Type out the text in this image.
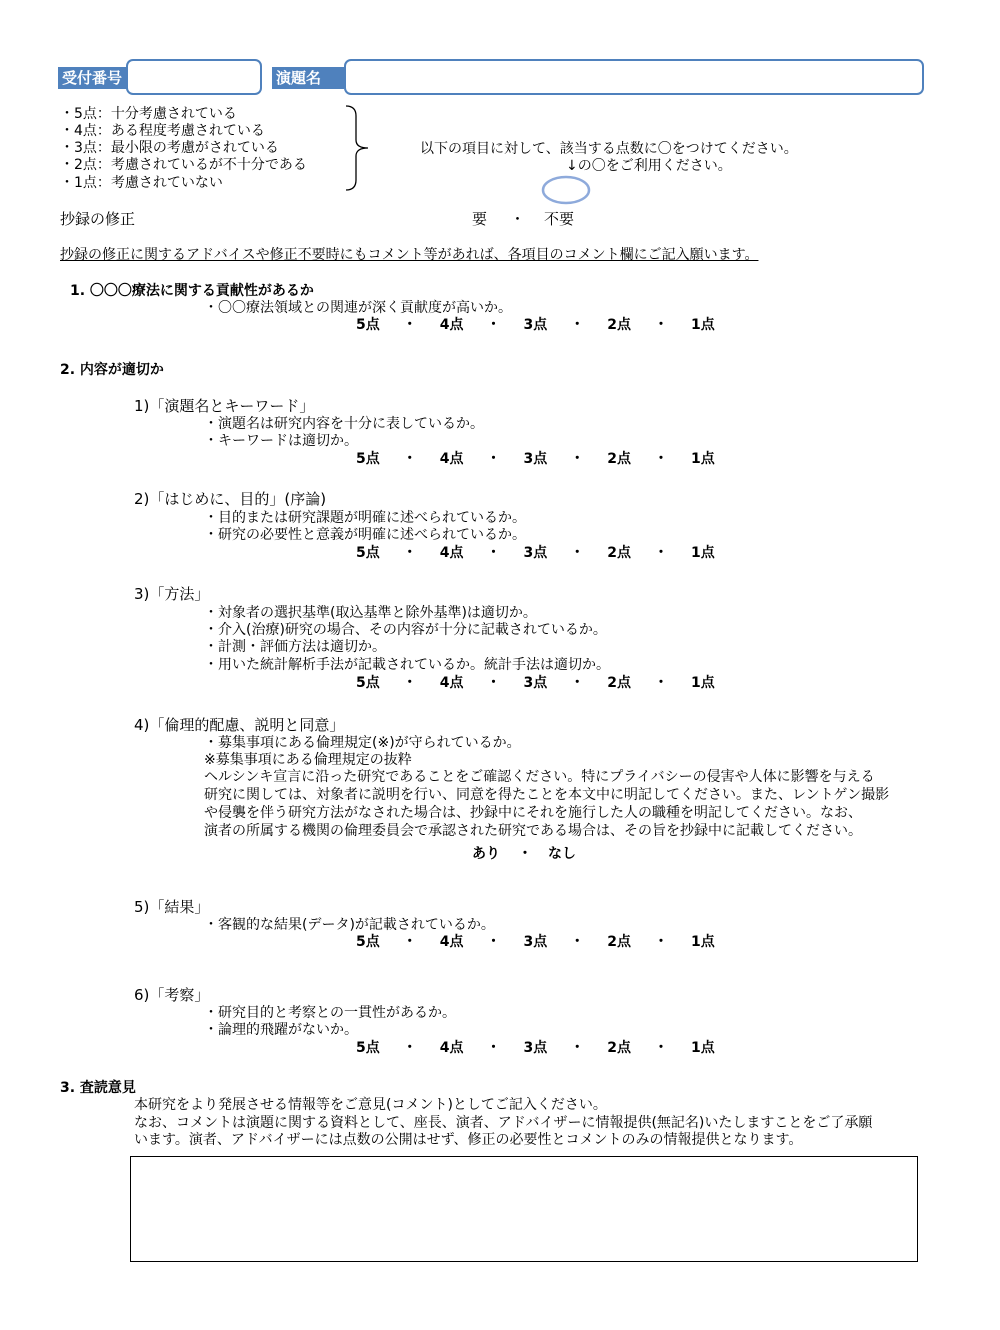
受付番号	演題名
・5点：十分考慮されている
・4点：ある程度考慮されている
・3点：最小限の考慮がされている
・2点：考慮されているが不十分である
・1点：考慮されていない
以下の項目に対して、該当する点数に〇をつけてください。
↓の〇をご利用ください。
抄録の修正	要 ・ 不要
抄録の修正に関するアドバイスや修正不要時にもコメント等があれば、各項目のコメント欄にご記入願います。
1. 〇〇〇療法に関する貢献性があるか
・〇〇療法領域との関連が深く貢献度が高いか。
5点 ・ 4点 ・ 3点 ・ 2点 ・ 1点
2. 内容が適切か
1)「演題名とキーワード」
・演題名は研究内容を十分に表しているか。
・キーワードは適切か。
5点 ・ 4点 ・ 3点 ・ 2点 ・ 1点
2)「はじめに、目的」(序論)
・目的または研究課題が明確に述べられているか。
・研究の必要性と意義が明確に述べられているか。
5点 ・ 4点 ・ 3点 ・ 2点 ・ 1点
3)「方法」
・対象者の選択基準(取込基準と除外基準)は適切か。
・介入(治療)研究の場合、その内容が十分に記載されているか。
・計測・評価方法は適切か。
・用いた統計解析手法が記載されているか。統計手法は適切か。
5点 ・ 4点 ・ 3点 ・ 2点 ・ 1点
4)「倫理的配慮、説明と同意」
・募集事項にある倫理規定(※)が守られているか。
※募集事項にある倫理規定の抜粋
ヘルシンキ宣言に沿った研究であることをご確認ください。特にプライバシーの侵害や人体に影響を与える
研究に関しては、対象者に説明を行い、同意を得たことを本文中に明記してください。また、レントゲン撮影
や侵襲を伴う研究方法がなされた場合は、抄録中にそれを施行した人の職種を明記してください。なお、
演者の所属する機関の倫理委員会で承認された研究である場合は、その旨を抄録中に記載してください。
あり ・ なし
5)「結果」
・客観的な結果(データ)が記載されているか。
5点 ・ 4点 ・ 3点 ・ 2点 ・ 1点
6)「考察」
・研究目的と考察との一貫性があるか。
・論理的飛躍がないか。
5点 ・ 4点 ・ 3点 ・ 2点 ・ 1点
3. 査読意見
本研究をより発展させる情報等をご意見(コメント)としてご記入ください。
なお、コメントは演題に関する資料として、座長、演者、アドバイザーに情報提供(無記名)いたしますことをご了承願
います。演者、アドバイザーには点数の公開はせず、修正の必要性とコメントのみの情報提供となります。
